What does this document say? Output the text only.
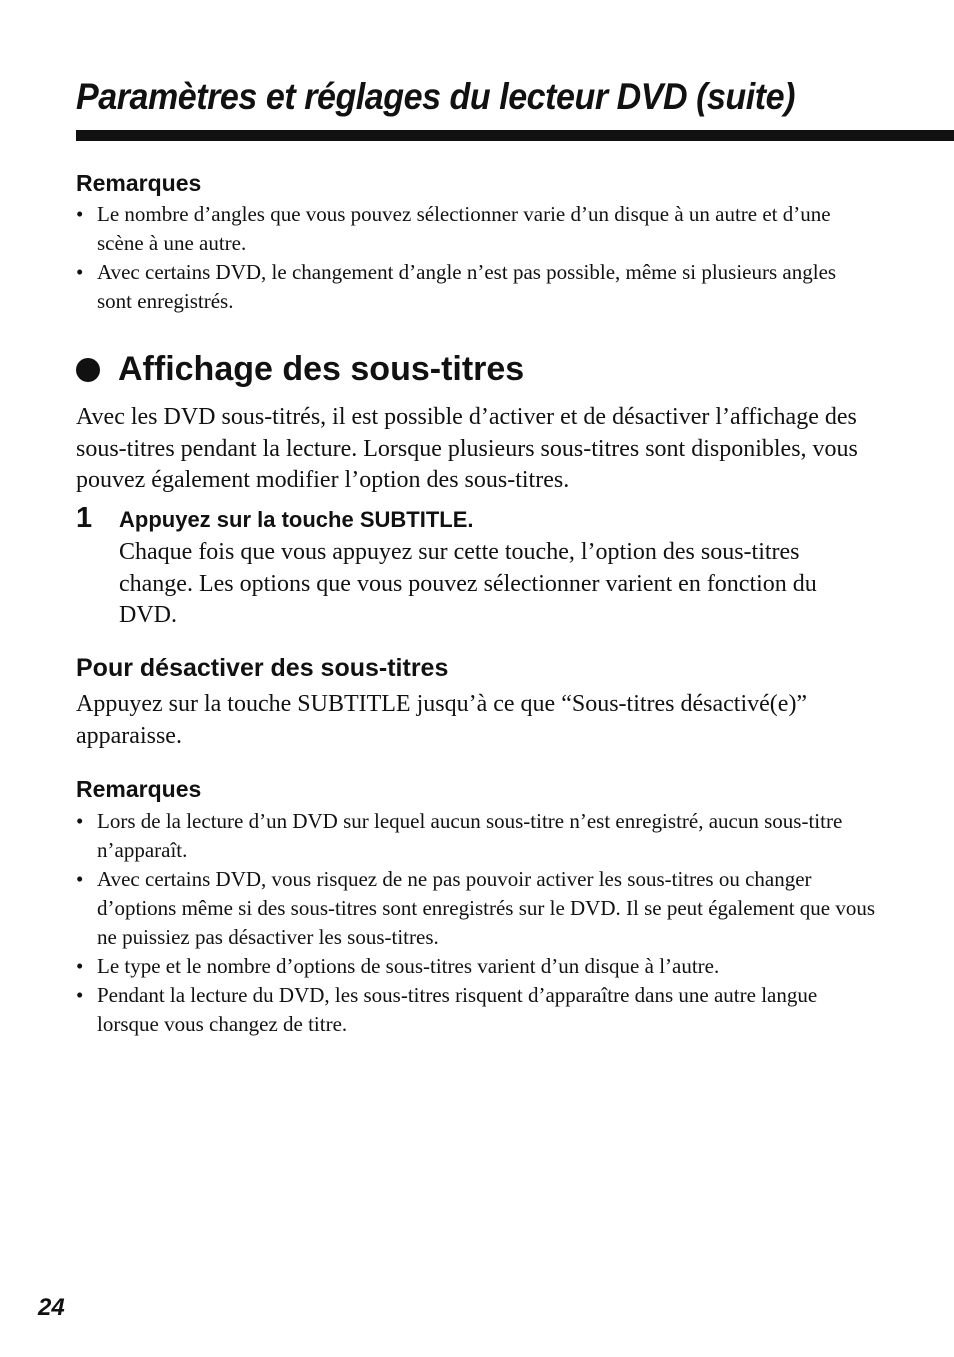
Paramètres et réglages du lecteur DVD (suite)
Remarques
• Le nombre d’angles que vous pouvez sélectionner varie d’un disque à un autre et d’une scène à une autre.
• Avec certains DVD, le changement d’angle n’est pas possible, même si plusieurs angles sont enregistrés.
Affichage des sous-titres

Avec les DVD sous-titrés, il est possible d’activer et de désactiver l’affichage des sous-titres pendant la lecture. Lorsque plusieurs sous-titres sont disponibles, vous pouvez également modifier l’option des sous-titres.

1 Appuyez sur la touche SUBTITLE.

Chaque fois que vous appuyez sur cette touche, l’option des sous-titres change. Les options que vous pouvez sélectionner varient en fonction du DVD.

Pour désactiver des sous-titres

Appuyez sur la touche SUBTITLE jusqu’à ce que “Sous-titres désactivé(e)” apparaisse.

Remarques
• Lors de la lecture d’un DVD sur lequel aucun sous-titre n’est enregistré, aucun sous-titre n’apparaît.
• Avec certains DVD, vous risquez de ne pas pouvoir activer les sous-titres ou changer d’options même si des sous-titres sont enregistrés sur le DVD. Il se peut également que vous ne puissiez pas désactiver les sous-titres.
• Le type et le nombre d’options de sous-titres varient d’un disque à l’autre.
• Pendant la lecture du DVD, les sous-titres risquent d’apparaître dans une autre langue lorsque vous changez de titre.
24
